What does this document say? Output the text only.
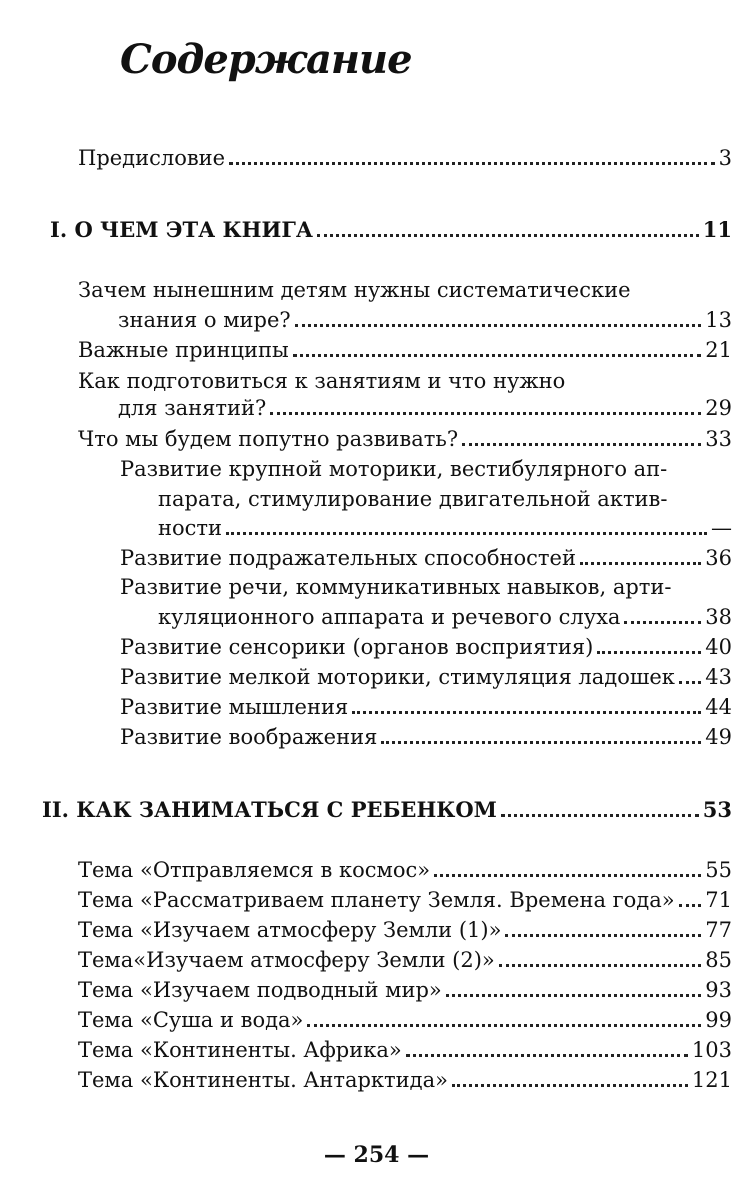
Содержание
Предисловие	3
I. О ЧЕМ ЭТА КНИГА	11
Зачем нынешним детям нужны систематические
знания о мире?	13
Важные принципы	21
Как подготовиться к занятиям и что нужно
для занятий?	29
Что мы будем попутно развивать?	33
Развитие крупной моторики, вестибулярного ап-
парата, стимулирование двигательной актив-
ности	—
Развитие подражательных способностей	36
Развитие речи, коммуникативных навыков, арти-
куляционного аппарата и речевого слуха	38
Развитие сенсорики (органов восприятия)	40
Развитие мелкой моторики, стимуляция ладошек 43
Развитие мышления	44
Развитие воображения	49
II. КАК ЗАНИМАТЬСЯ С РЕБЕНКОМ	53
Тема «Отправляемся в космос»	55
Тема «Рассматриваем планету Земля. Времена года» 71
Тема «Изучаем атмосферу Земли (1)»	77
Тема«Изучаем атмосферу Земли (2)»	85
Тема «Изучаем подводный мир»	93
Тема «Суша и вода»	99
Тема «Континенты. Африка»	103
Тема «Континенты. Антарктида»	121
— 254 —
